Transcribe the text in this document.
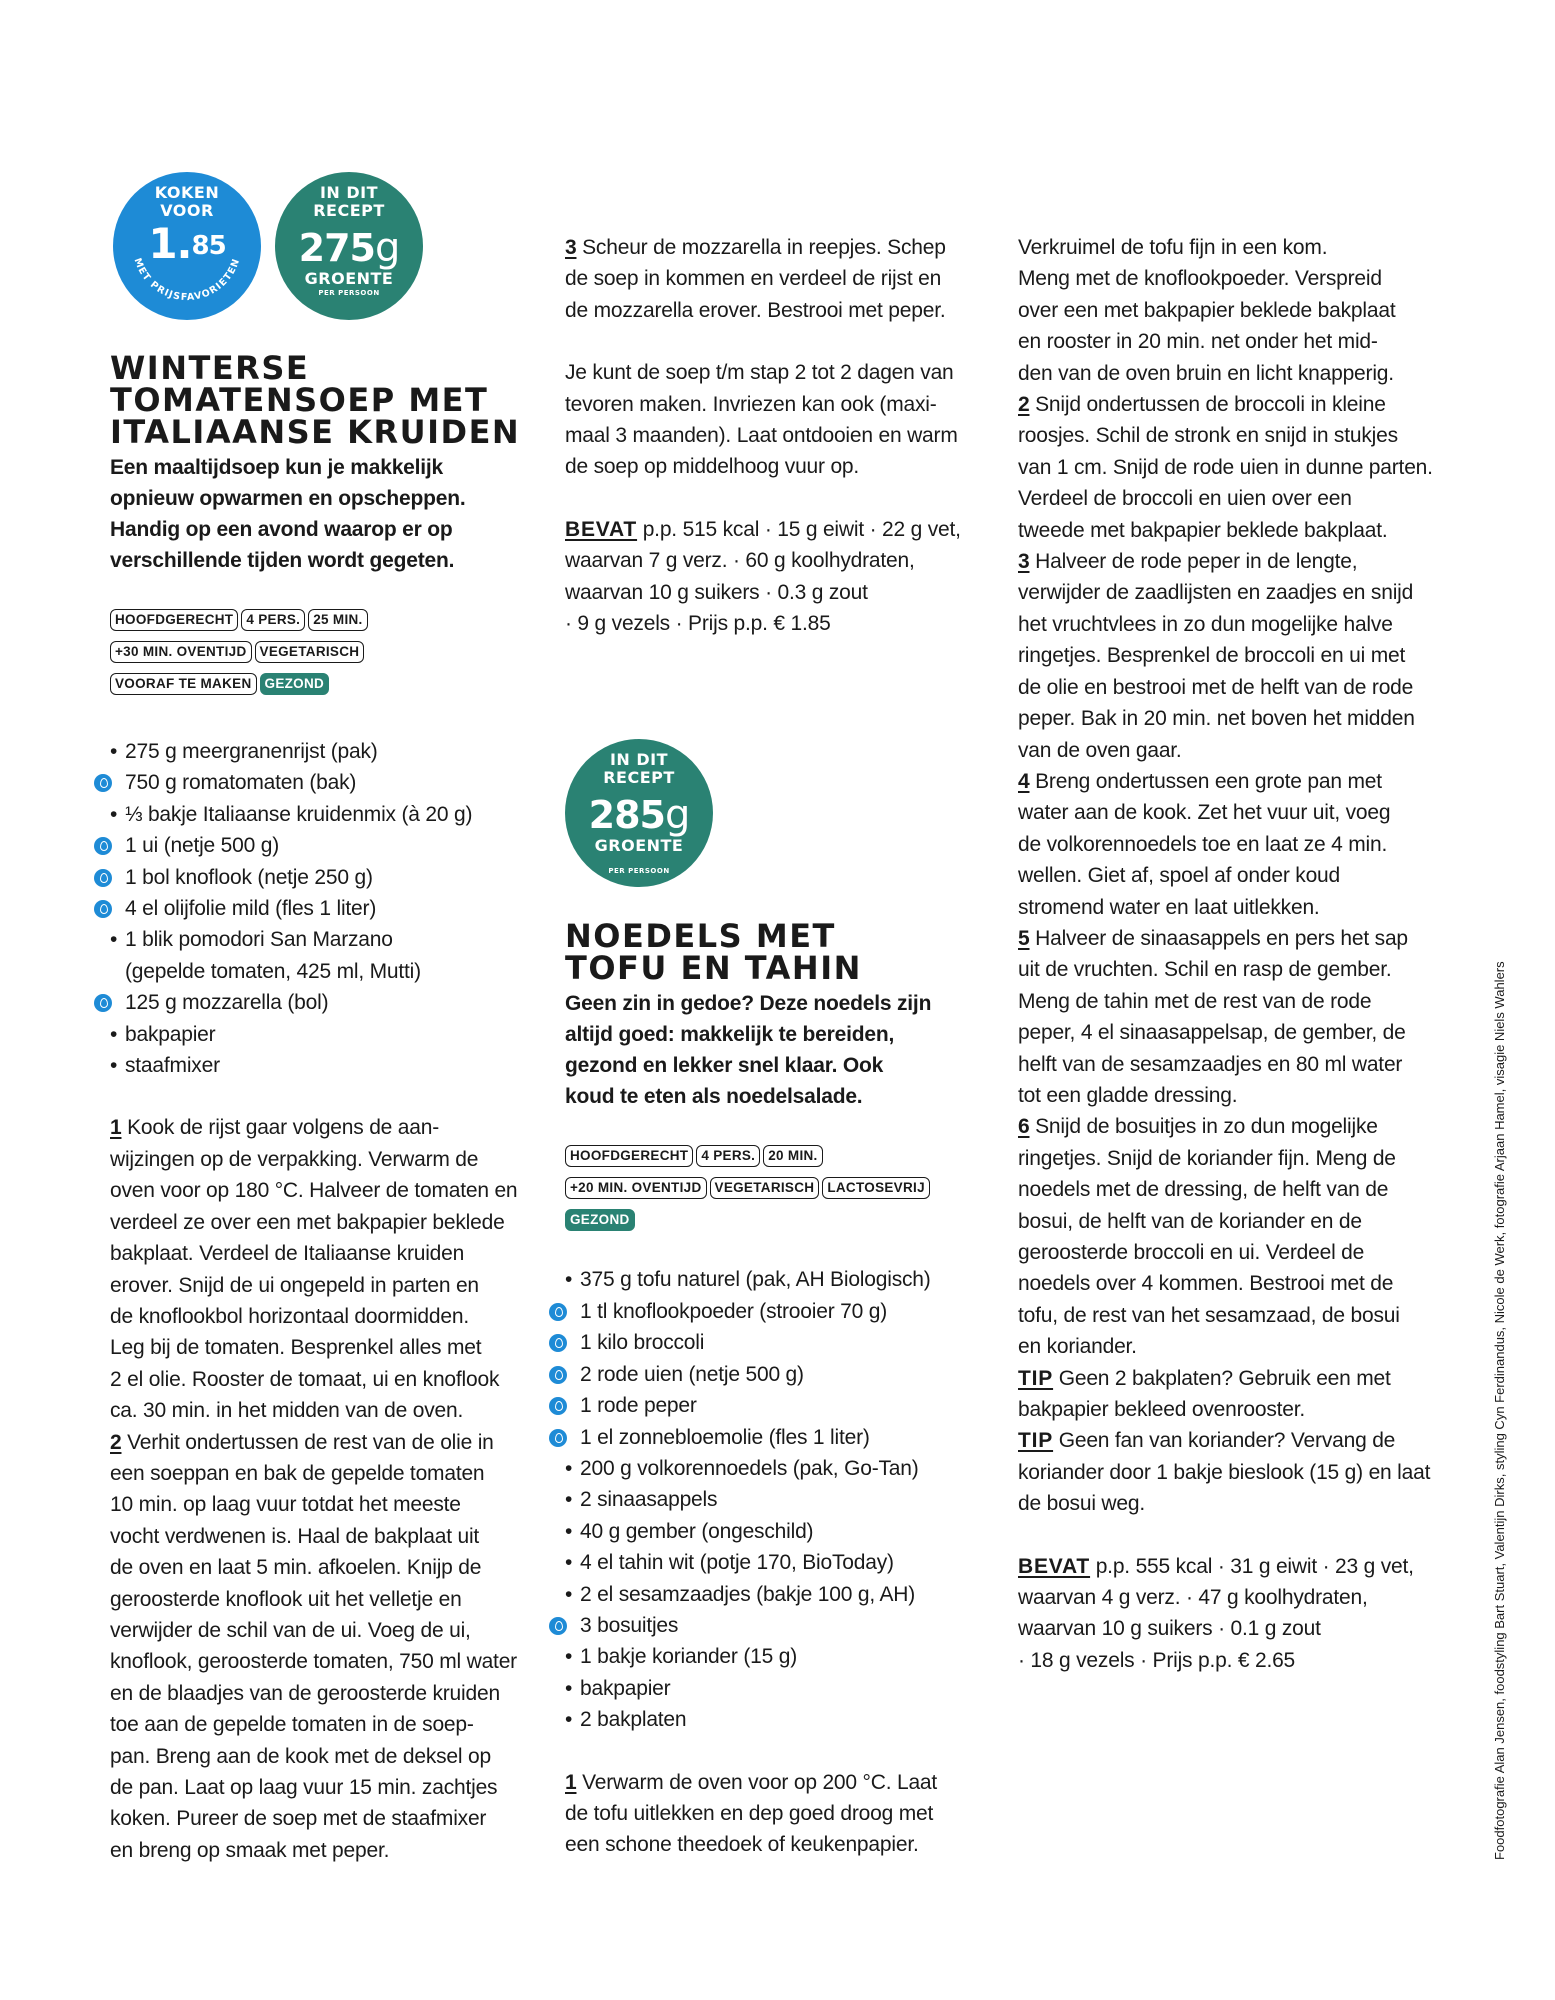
MET PRIJSFAVORIETEN
KOKEN
VOOR
1.85
IN DIT
RECEPT
275g
GROENTE
PER PERSOON
WINTERSE
TOMATENSOEP MET
ITALIAANSE KRUIDEN

Een maaltijdsoep kun je makkelijk

opnieuw opwarmen en opscheppen.

Handig op een avond waarop er op

verschillende tijden wordt gegeten.

HOOFDGERECHT 4 PERS. 25 MIN.
+30 MIN. OVENTIJD VEGETARISCH
VOORAF TE MAKEN GEZOND
• 275 g meergranenrijst (pak)
750 g romatomaten (bak)
• ⅓ bakje Italiaanse kruidenmix (à 20 g)
1 ui (netje 500 g)
1 bol knoflook (netje 250 g)
4 el olijfolie mild (fles 1 liter)
• 1 blik pomodori San Marzano
(gepelde tomaten, 425 ml, Mutti)
125 g mozzarella (bol)
• bakpapier
• staafmixer

1 Kook de rijst gaar volgens de aan-

wijzingen op de verpakking. Verwarm de

oven voor op 180 °C. Halveer de tomaten en

verdeel ze over een met bakpapier beklede

bakplaat. Verdeel de Italiaanse kruiden

erover. Snijd de ui ongepeld in parten en

de knoflookbol horizontaal doormidden.

Leg bij de tomaten. Besprenkel alles met

2 el olie. Rooster de tomaat, ui en knoflook

ca. 30 min. in het midden van de oven.

2 Verhit ondertussen de rest van de olie in

een soeppan en bak de gepelde tomaten

10 min. op laag vuur totdat het meeste

vocht verdwenen is. Haal de bakplaat uit

de oven en laat 5 min. afkoelen. Knijp de

geroosterde knoflook uit het velletje en

verwijder de schil van de ui. Voeg de ui,

knoflook, geroosterde tomaten, 750 ml water

en de blaadjes van de geroosterde kruiden

toe aan de gepelde tomaten in de soep-

pan. Breng aan de kook met de deksel op

de pan. Laat op laag vuur 15 min. zachtjes

koken. Pureer de soep met de staafmixer

en breng op smaak met peper.

3 Scheur de mozzarella in reepjes. Schep

de soep in kommen en verdeel de rijst en

de mozzarella erover. Bestrooi met peper.

Je kunt de soep t/m stap 2 tot 2 dagen van

tevoren maken. Invriezen kan ook (maxi-

maal 3 maanden). Laat ontdooien en warm

de soep op middelhoog vuur op.

BEVAT p.p. 515 kcal · 15 g eiwit · 22 g vet,

waarvan 7 g verz. · 60 g koolhydraten,

waarvan 10 g suikers · 0.3 g zout

· 9 g vezels · Prijs p.p. € 1.85

IN DIT
RECEPT
285g
GROENTE
PER PERSOON
NOEDELS MET
TOFU EN TAHIN

Geen zin in gedoe? Deze noedels zijn

altijd goed: makkelijk te bereiden,

gezond en lekker snel klaar. Ook

koud te eten als noedelsalade.

HOOFDGERECHT 4 PERS. 20 MIN.
+20 MIN. OVENTIJD VEGETARISCH LACTOSEVRIJ
GEZOND
• 375 g tofu naturel (pak, AH Biologisch)
1 tl knoflookpoeder (strooier 70 g)
1 kilo broccoli
2 rode uien (netje 500 g)
1 rode peper
1 el zonnebloemolie (fles 1 liter)
• 200 g volkorennoedels (pak, Go-Tan)
• 2 sinaasappels
• 40 g gember (ongeschild)
• 4 el tahin wit (potje 170, BioToday)
• 2 el sesamzaadjes (bakje 100 g, AH)
3 bosuitjes
• 1 bakje koriander (15 g)
• bakpapier
• 2 bakplaten

1 Verwarm de oven voor op 200 °C. Laat

de tofu uitlekken en dep goed droog met

een schone theedoek of keukenpapier.

Verkruimel de tofu fijn in een kom.

Meng met de knoflookpoeder. Verspreid

over een met bakpapier beklede bakplaat

en rooster in 20 min. net onder het mid-

den van de oven bruin en licht knapperig.

2 Snijd ondertussen de broccoli in kleine

roosjes. Schil de stronk en snijd in stukjes

van 1 cm. Snijd de rode uien in dunne parten.

Verdeel de broccoli en uien over een

tweede met bakpapier beklede bakplaat.

3 Halveer de rode peper in de lengte,

verwijder de zaadlijsten en zaadjes en snijd

het vruchtvlees in zo dun mogelijke halve

ringetjes. Besprenkel de broccoli en ui met

de olie en bestrooi met de helft van de rode

peper. Bak in 20 min. net boven het midden

van de oven gaar.

4 Breng ondertussen een grote pan met

water aan de kook. Zet het vuur uit, voeg

de volkorennoedels toe en laat ze 4 min.

wellen. Giet af, spoel af onder koud

stromend water en laat uitlekken.

5 Halveer de sinaasappels en pers het sap

uit de vruchten. Schil en rasp de gember.

Meng de tahin met de rest van de rode

peper, 4 el sinaasappelsap, de gember, de

helft van de sesamzaadjes en 80 ml water

tot een gladde dressing.

6 Snijd de bosuitjes in zo dun mogelijke

ringetjes. Snijd de koriander fijn. Meng de

noedels met de dressing, de helft van de

bosui, de helft van de koriander en de

geroosterde broccoli en ui. Verdeel de

noedels over 4 kommen. Bestrooi met de

tofu, de rest van het sesamzaad, de bosui

en koriander.

TIP Geen 2 bakplaten? Gebruik een met

bakpapier bekleed ovenrooster.

TIP Geen fan van koriander? Vervang de

koriander door 1 bakje bieslook (15 g) en laat

de bosui weg.

BEVAT p.p. 555 kcal · 31 g eiwit · 23 g vet,

waarvan 4 g verz. · 47 g koolhydraten,

waarvan 10 g suikers · 0.1 g zout

· 18 g vezels · Prijs p.p. € 2.65	Foodfotografie Alan Jensen, foodstyling Bart Stuart, Valentijn Dirks, styling Cyn Ferdinandus, Nicole de Werk, fotografie Arjaan Hamel, visagie Niels Wahlers
